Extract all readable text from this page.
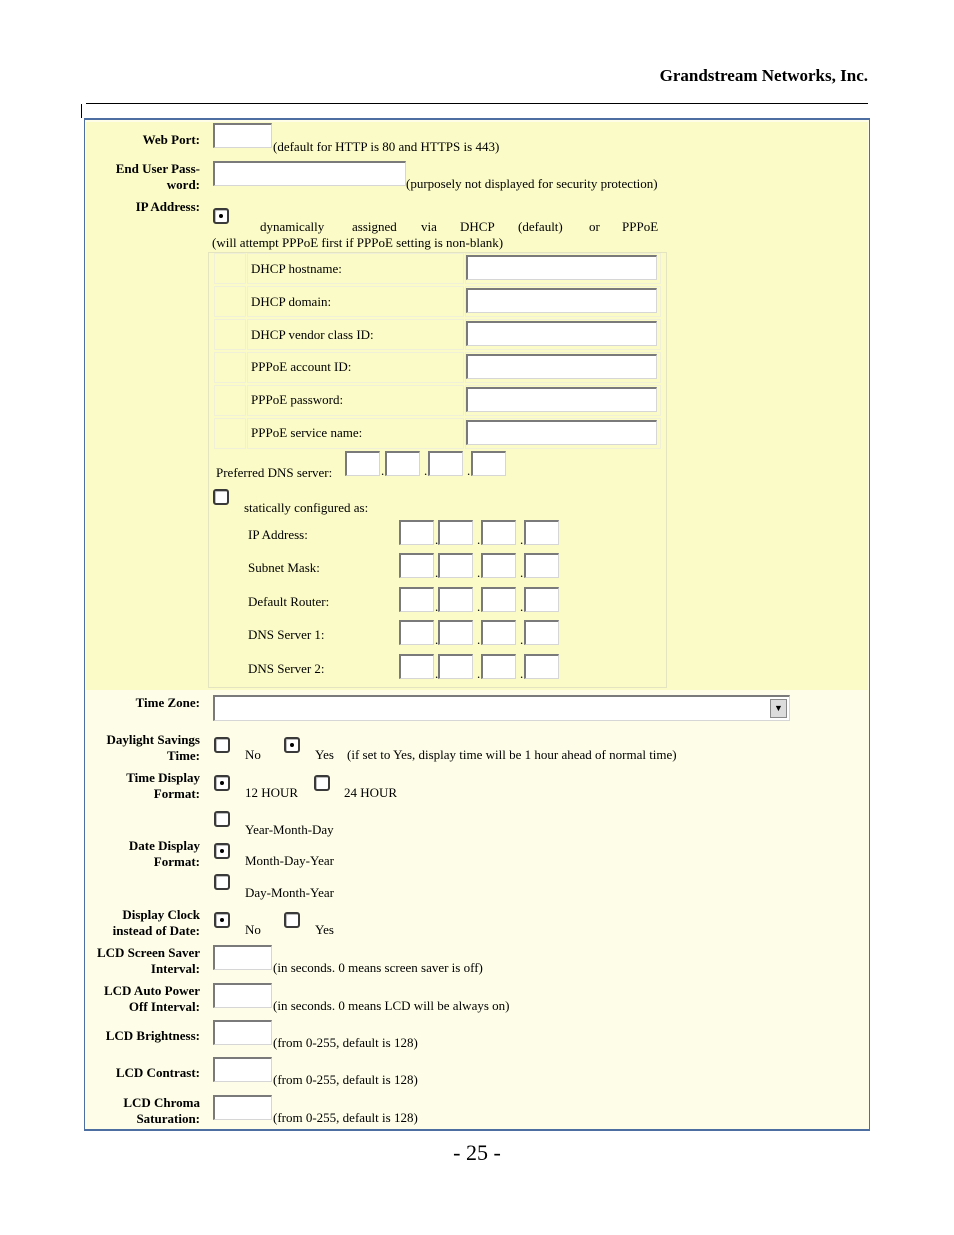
Grandstream Networks, Inc.
Web Port:	(default for HTTP is 80 and HTTPS is 443)
End User Pass-
word:	(purposely not displayed for security protection)
IP Address:
dynamically assigned via DHCP (default) or PPPoE
(will attempt PPPoE first if PPPoE setting is non-blank)
DHCP hostname:
DHCP domain:
DHCP vendor class ID:
PPPoE account ID:
PPPoE password:
PPPoE service name:
Preferred DNS server:	.	.	.
statically configured as:
IP Address:	.	.	.
Subnet Mask:	.	.	.
Default Router:	.	.	.
DNS Server 1:	.	.	.
DNS Server 2:	.	.	.
Time Zone:	▼
Daylight Savings
Time:	No	Yes (if set to Yes, display time will be 1 hour ahead of normal time)
Time Display
Format:	12 HOUR	24 HOUR
Date Display
Format:
Year-Month-Day
Month-Day-Year
Day-Month-Year
Display Clock
instead of Date:	No	Yes
LCD Screen Saver
Interval:	(in seconds. 0 means screen saver is off)
LCD Auto Power
Off Interval:	(in seconds. 0 means LCD will be always on)
LCD Brightness:	(from 0-255, default is 128)
LCD Contrast:	(from 0-255, default is 128)
LCD Chroma
Saturation:	(from 0-255, default is 128)
- 25 -
